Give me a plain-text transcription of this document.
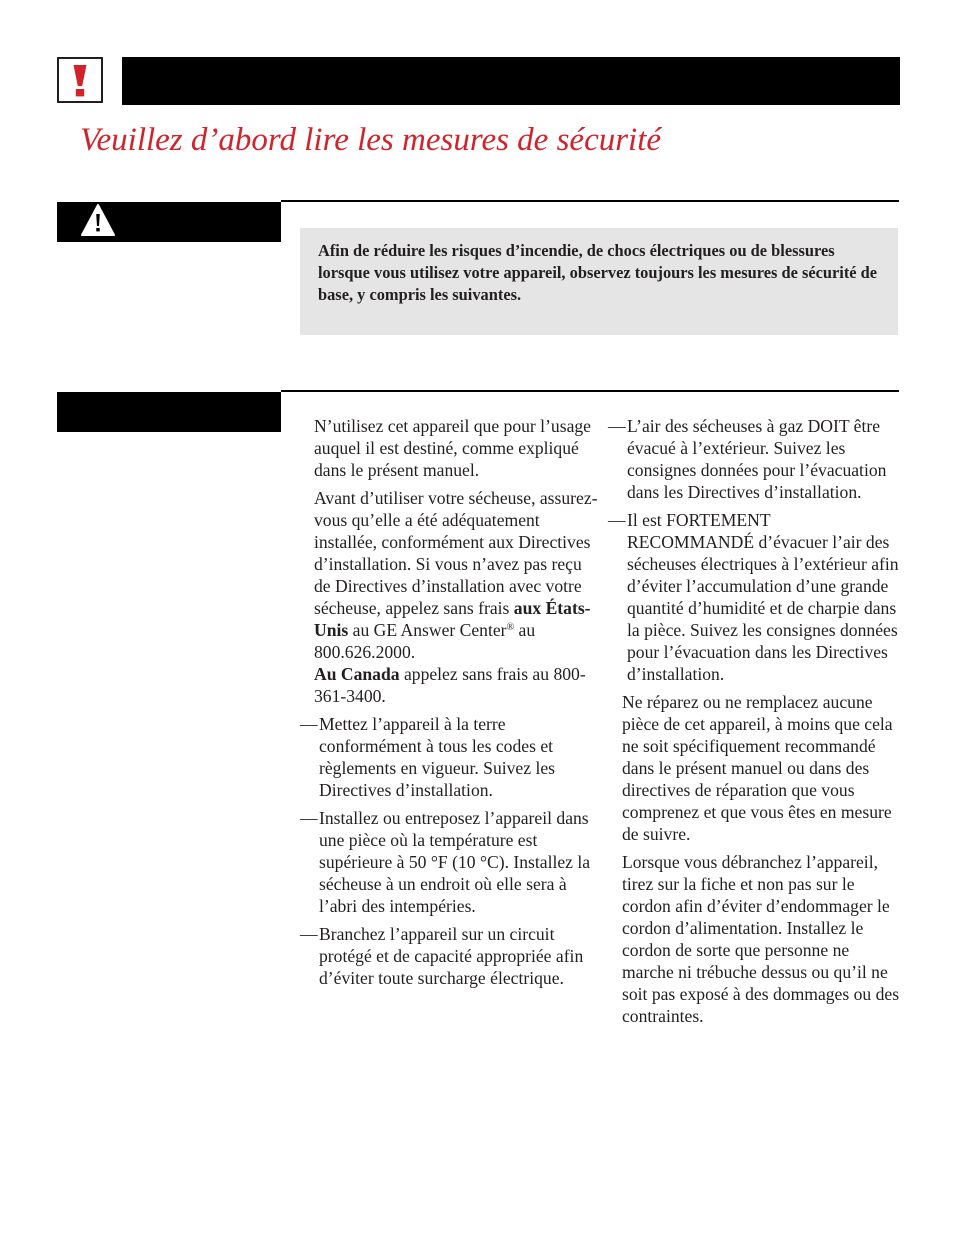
Veuillez d’abord lire les mesures de sécurité

Afin de réduire les risques d’incendie, de chocs électriques ou de blessures lorsque vous utilisez votre appareil, observez toujours les mesures de sécurité de base, y compris les suivantes.

N’utilisez cet appareil que pour l’usage auquel il est destiné, comme expliqué dans le présent manuel.

Avant d’utiliser votre sécheuse, assurez-vous qu’elle a été adéquatement installée, conformément aux Directives d’installation. Si vous n’avez pas reçu de Directives d’installation avec votre sécheuse, appelez sans frais aux États-Unis au GE Answer Center® au 800.626.2000.
Au Canada appelez sans frais au 800-361-3400.

— Mettez l’appareil à la terre conformément à tous les codes et règlements en vigueur. Suivez les Directives d’installation.

— Installez ou entreposez l’appareil dans une pièce où la température est supérieure à 50 °F (10 °C). Installez la sécheuse à un endroit où elle sera à l’abri des intempéries.

— Branchez l’appareil sur un circuit protégé et de capacité appropriée afin d’éviter toute surcharge électrique.

— L’air des sécheuses à gaz DOIT être évacué à l’extérieur. Suivez les consignes données pour l’évacuation dans les Directives d’installation.

— Il est FORTEMENT RECOMMANDÉ d’évacuer l’air des sécheuses électriques à l’extérieur afin d’éviter l’accumulation d’une grande quantité d’humidité et de charpie dans la pièce. Suivez les consignes données pour l’évacuation dans les Directives d’installation.

Ne réparez ou ne remplacez aucune pièce de cet appareil, à moins que cela ne soit spécifiquement recommandé dans le présent manuel ou dans des directives de réparation que vous comprenez et que vous êtes en mesure de suivre.

Lorsque vous débranchez l’appareil, tirez sur la fiche et non pas sur le cordon afin d’éviter d’endommager le cordon d’alimentation. Installez le cordon de sorte que personne ne marche ni trébuche dessus ou qu’il ne soit pas exposé à des dommages ou des contraintes.
